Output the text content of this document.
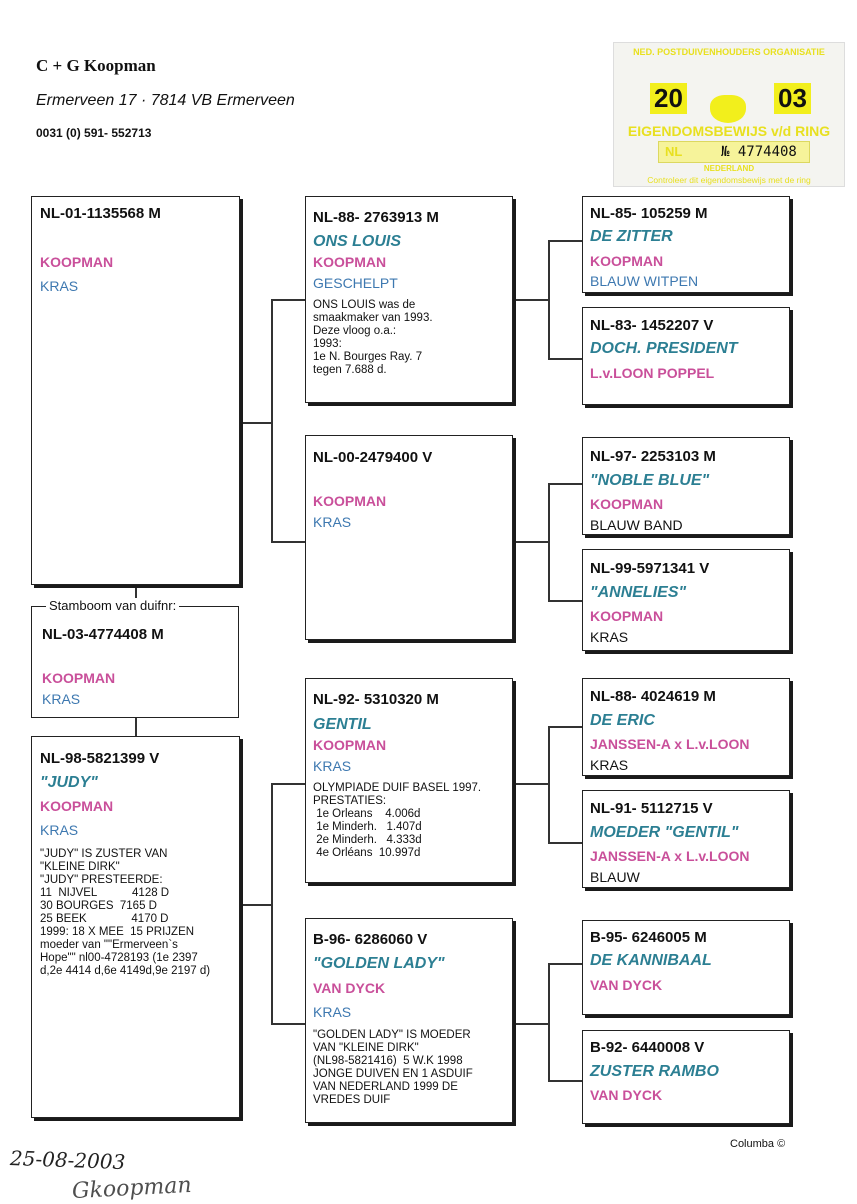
C + G Koopman
Ermerveen 17 · 7814 VB Ermerveen
0031 (0) 591- 552713
NED. POSTDUIVENHOUDERS ORGANISATIE
20	03
EIGENDOMSBEWIJS v/d RING
NL	№ 4774408
NEDERLAND
Controleer dit eigendomsbewijs met de ring
NL-01-1135568 M
KOOPMAN
KRAS
Stamboom van duifnr:
NL-03-4774408 M
KOOPMAN
KRAS
NL-98-5821399 V
"JUDY"
KOOPMAN
KRAS
"JUDY" IS ZUSTER VAN
"KLEINE DIRK"
"JUDY" PRESTEERDE:
11  NIJVEL           4128 D
30 BOURGES  7165 D
25 BEEK              4170 D
1999: 18 X MEE  15 PRIJZEN
moeder van ""Ermerveen`s
Hope"" nl00-4728193 (1e 2397
d,2e 4414 d,6e 4149d,9e 2197 d)
NL-88- 2763913 M
ONS LOUIS
KOOPMAN
GESCHELPT
ONS LOUIS was de
smaakmaker van 1993.
Deze vloog o.a.:
1993:
1e N. Bourges Ray. 7
tegen 7.688 d.
NL-00-2479400 V
KOOPMAN
KRAS
NL-92- 5310320 M
GENTIL
KOOPMAN
KRAS
OLYMPIADE DUIF BASEL 1997.
PRESTATIES:
1e Orleans    4.006d
1e Minderh.   1.407d
2e Minderh.   4.333d
4e Orléans  10.997d
B-96- 6286060 V
"GOLDEN LADY"
VAN DYCK
KRAS
"GOLDEN LADY" IS MOEDER
VAN "KLEINE DIRK"
(NL98-5821416)  5 W.K 1998
JONGE DUIVEN EN 1 ASDUIF
VAN NEDERLAND 1999 DE
VREDES DUIF
NL-85- 105259 M
DE ZITTER
KOOPMAN
BLAUW WITPEN
NL-83- 1452207 V
DOCH. PRESIDENT
L.v.LOON POPPEL
NL-97- 2253103 M
"NOBLE BLUE"
KOOPMAN
BLAUW BAND
NL-99-5971341 V
"ANNELIES"
KOOPMAN
KRAS
NL-88- 4024619 M
DE ERIC
JANSSEN-A x L.v.LOON
KRAS
NL-91- 5112715 V
MOEDER "GENTIL"
JANSSEN-A x L.v.LOON
BLAUW
B-95- 6246005 M
DE KANNIBAAL
VAN DYCK
B-92- 6440008 V
ZUSTER RAMBO
VAN DYCK
Columba ©
25-08-2003
Gkoopman
